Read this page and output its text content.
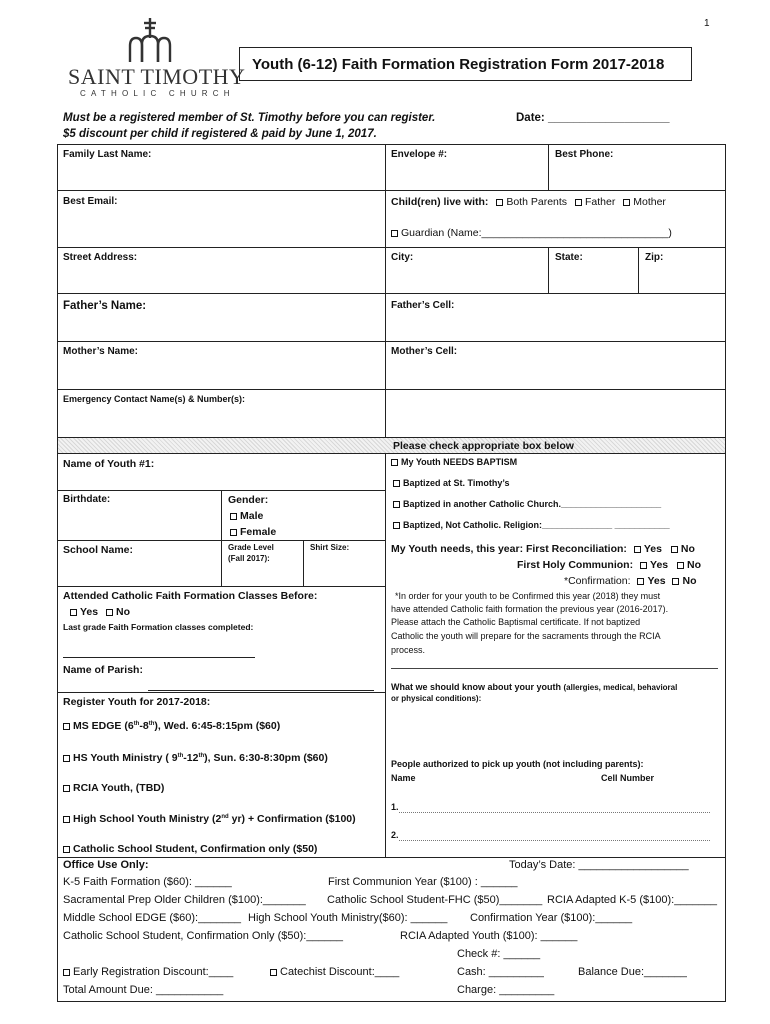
1
SAINT TIMOTHY
CATHOLIC CHURCH
Youth (6-12) Faith Formation Registration Form 2017-2018
Must be a registered member of St. Timothy before you can register.	Date: ___________________
$5 discount per child if registered & paid by June 1, 2017.
Family Last Name:	Envelope #:	Best Phone:
Best Email:	Child(ren) live with: Both Parents Father Mother
Guardian (Name:________________________________)
Street Address:	City:	State:	Zip:
Father’s Name:	Father’s Cell:
Mother’s Name:	Mother’s Cell:
Emergency Contact Name(s) & Number(s):
Please check appropriate box below
Name of Youth #1:
Birthdate:	Gender:
Male
Female
School Name:	Grade Level
(Fall 2017):
Shirt Size:
My Youth NEEDS BAPTISM
Baptized at St. Timothy’s
Baptized in another Catholic Church.____________________
Baptized, Not Catholic. Religion:______________ ___________
My Youth needs, this year: First Reconciliation: Yes No
First Holy Communion: Yes No
*Confirmation: Yes No
*In order for your youth to be Confirmed this year (2018) they must
have attended Catholic faith formation the previous year (2016-2017).
Please attach the Catholic Baptismal certificate. If not baptized
Catholic the youth will prepare for the sacraments through the RCIA
process.
What we should know about your youth (allergies, medical, behavioral
or physical conditions):
People authorized to pick up youth (not including parents):
Name	Cell Number
1.
2.
Attended Catholic Faith Formation Classes Before:
Yes No
Last grade Faith Formation classes completed:
Name of Parish:
Register Youth for 2017-2018:
MS EDGE (6th-8th), Wed. 6:45-8:15pm ($60)
HS Youth Ministry ( 9th-12th), Sun. 6:30-8:30pm ($60)
RCIA Youth, (TBD)
High School Youth Ministry (2nd yr) + Confirmation ($100)
Catholic School Student, Confirmation only ($50)
Office Use Only:	Today’s Date: __________________
K-5 Faith Formation ($60): ______	First Communion Year ($100) : ______
Sacramental Prep Older Children ($100):_______ Catholic School Student-FHC ($50)_______ RCIA Adapted K-5 ($100):_______
Middle School EDGE ($60):_______ High School Youth Ministry($60): ______ Confirmation Year ($100):______
Catholic School Student, Confirmation Only ($50):______	RCIA Adapted Youth ($100): ______
Check #: ______
Early Registration Discount:____	Catechist Discount:____	Cash: _________	Balance Due:_______
Total Amount Due: ___________	Charge: _________
